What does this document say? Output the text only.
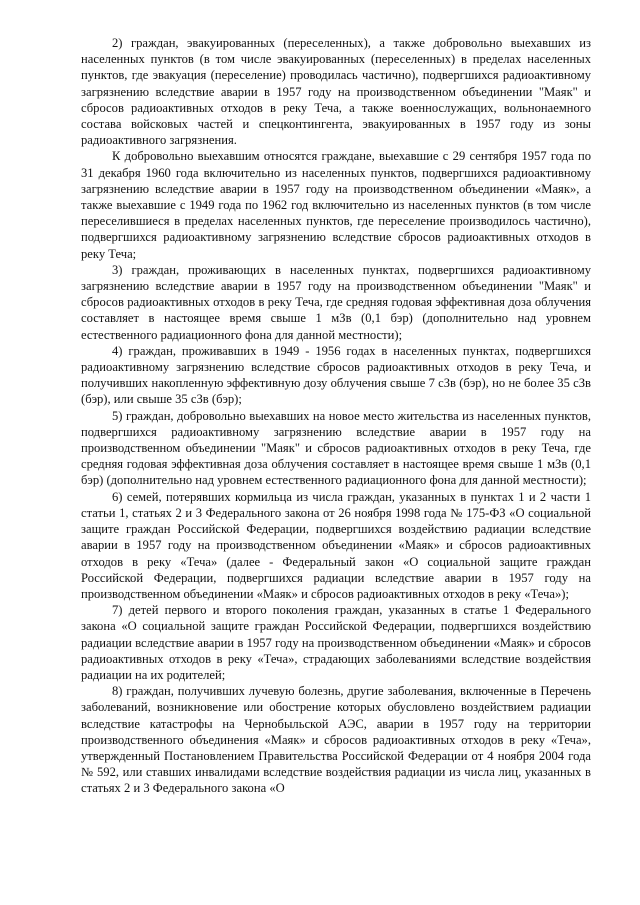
2) граждан, эвакуированных (переселенных), а также добровольно выехавших из населенных пунктов (в том числе эвакуированных (переселенных) в пределах населенных пунктов, где эвакуация (переселение) проводилась частично), подвергшихся радиоактивному загрязнению вследствие аварии в 1957 году на производственном объединении "Маяк" и сбросов радиоактивных отходов в реку Теча, а также военнослужащих, вольнонаемного состава войсковых частей и спецконтингента, эвакуированных в 1957 году из зоны радиоактивного загрязнения.

К добровольно выехавшим относятся граждане, выехавшие с 29 сентября 1957 года по 31 декабря 1960 года включительно из населенных пунктов, подвергшихся радиоактивному загрязнению вследствие аварии в 1957 году на производственном объединении «Маяк», а также выехавшие с 1949 года по 1962 год включительно из населенных пунктов (в том числе переселившиеся в пределах населенных пунктов, где переселение производилось частично), подвергшихся радиоактивному загрязнению вследствие сбросов радиоактивных отходов в реку Теча;

3) граждан, проживающих в населенных пунктах, подвергшихся радиоактивному загрязнению вследствие аварии в 1957 году на производственном объединении "Маяк" и сбросов радиоактивных отходов в реку Теча, где средняя годовая эффективная доза облучения составляет в настоящее время свыше 1 мЗв (0,1 бэр) (дополнительно над уровнем естественного радиационного фона для данной местности);

4) граждан, проживавших в 1949 - 1956 годах в населенных пунктах, подвергшихся радиоактивному загрязнению вследствие сбросов радиоактивных отходов в реку Теча, и получивших накопленную эффективную дозу облучения свыше 7 сЗв (бэр), но не более 35 сЗв (бэр), или свыше 35 сЗв (бэр);

5) граждан, добровольно выехавших на новое место жительства из населенных пунктов, подвергшихся радиоактивному загрязнению вследствие аварии в 1957 году на производственном объединении "Маяк" и сбросов радиоактивных отходов в реку Теча, где средняя годовая эффективная доза облучения составляет в настоящее время свыше 1 мЗв (0,1 бэр) (дополнительно над уровнем естественного радиационного фона для данной местности);

6) семей, потерявших кормильца из числа граждан, указанных в пунктах 1 и 2 части 1 статьи 1, статьях 2 и 3 Федерального закона от 26 ноября 1998 года № 175-ФЗ «О социальной защите граждан Российской Федерации, подвергшихся воздействию радиации вследствие аварии в 1957 году на производственном объединении «Маяк» и сбросов радиоактивных отходов в реку «Теча» (далее - Федеральный закон «О социальной защите граждан Российской Федерации, подвергшихся радиации вследствие аварии в 1957 году на производственном объединении «Маяк» и сбросов радиоактивных отходов в реку «Теча»);

7) детей первого и второго поколения граждан, указанных в статье 1 Федерального закона «О социальной защите граждан Российской Федерации, подвергшихся воздействию радиации вследствие аварии в 1957 году на производственном объединении «Маяк» и сбросов радиоактивных отходов в реку «Теча», страдающих заболеваниями вследствие воздействия радиации на их родителей;

8) граждан, получивших лучевую болезнь, другие заболевания, включенные в Перечень заболеваний, возникновение или обострение которых обусловлено воздействием радиации вследствие катастрофы на Чернобыльской АЭС, аварии в 1957 году на территории производственного объединения «Маяк» и сбросов радиоактивных отходов в реку «Теча», утвержденный Постановлением Правительства Российской Федерации от 4 ноября 2004 года № 592, или ставших инвалидами вследствие воздействия радиации из числа лиц, указанных в статьях 2 и 3 Федерального закона «О
